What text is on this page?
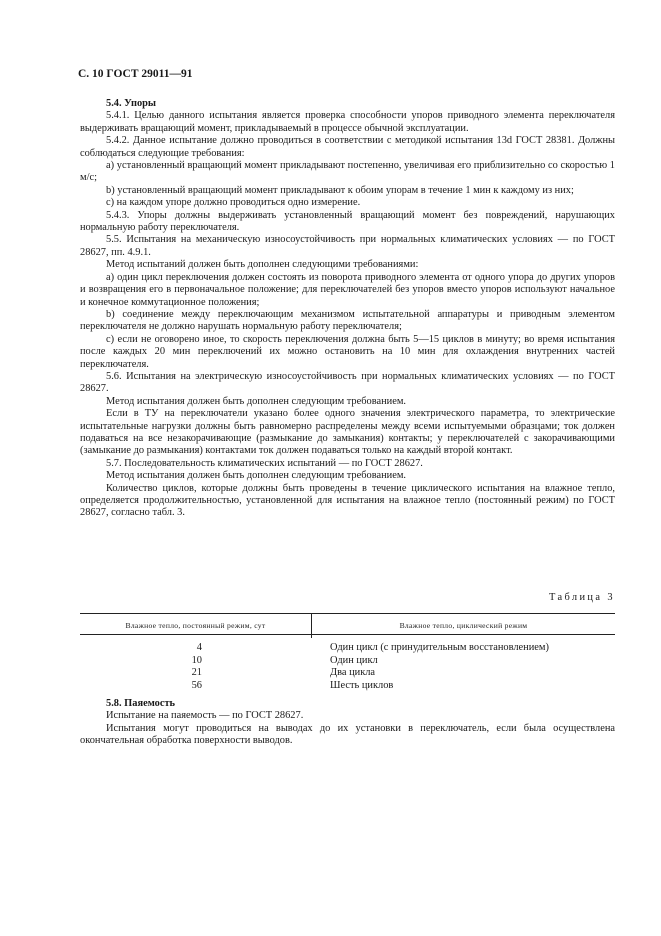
С. 10 ГОСТ 29011—91

5.4. Упоры

5.4.1. Целью данного испытания является проверка способности упоров приводного элемента переключателя выдерживать вращающий момент, прикладываемый в процессе обычной эксплуатации.

5.4.2. Данное испытание должно проводиться в соответствии с методикой испытания 13d ГОСТ 28381. Должны соблюдаться следующие требования:

а) установленный вращающий момент прикладывают постепенно, увеличивая его приблизительно со скоростью 1 м/с;

b) установленный вращающий момент прикладывают к обоим упорам в течение 1 мин к каждому из них;

с) на каждом упоре должно проводиться одно измерение.

5.4.3. Упоры должны выдерживать установленный вращающий момент без повреждений, нарушающих нормальную работу переключателя.

5.5. Испытания на механическую износоустойчивость при нормальных климатических условиях — по ГОСТ 28627, пп. 4.9.1.

Метод испытаний должен быть дополнен следующими требованиями:

а) один цикл переключения должен состоять из поворота приводного элемента от одного упора до других упоров и возвращения его в первоначальное положение; для переключателей без упоров вместо упоров используют начальное и конечное коммутационное положения;

b) соединение между переключающим механизмом испытательной аппаратуры и приводным элементом переключателя не должно нарушать нормальную работу переключателя;

с) если не оговорено иное, то скорость переключения должна быть 5—15 циклов в минуту; во время испытания после каждых 20 мин переключений их можно остановить на 10 мин для охлаждения внутренних частей переключателя.

5.6. Испытания на электрическую износоустойчивость при нормальных климатических условиях — по ГОСТ 28627.

Метод испытания должен быть дополнен следующим требованием.

Если в ТУ на переключатели указано более одного значения электрического параметра, то электрические испытательные нагрузки должны быть равномерно распределены между всеми испытуемыми образцами; ток должен подаваться на все незакорачивающие (размыкание до замыкания) контакты; у переключателей с закорачивающими (замыкание до размыкания) контактами ток должен подаваться только на каждый второй контакт.

5.7. Последовательность климатических испытаний — по ГОСТ 28627.

Метод испытания должен быть дополнен следующим требованием.

Количество циклов, которые должны быть проведены в течение циклического испытания на влажное тепло, определяется продолжительностью, установленной для испытания на влажное тепло (постоянный режим) по ГОСТ 28627, согласно табл. 3.

Таблица 3
Влажное тепло, постоянный режим, сут	Влажное тепло, циклический режим
4	Один цикл (с принудительным восстановлением)
10	Один цикл
21	Два цикла
56	Шесть циклов

5.8. Паяемость

Испытание на паяемость — по ГОСТ 28627.

Испытания могут проводиться на выводах до их установки в переключатель, если была осуществлена окончательная обработка поверхности выводов.
